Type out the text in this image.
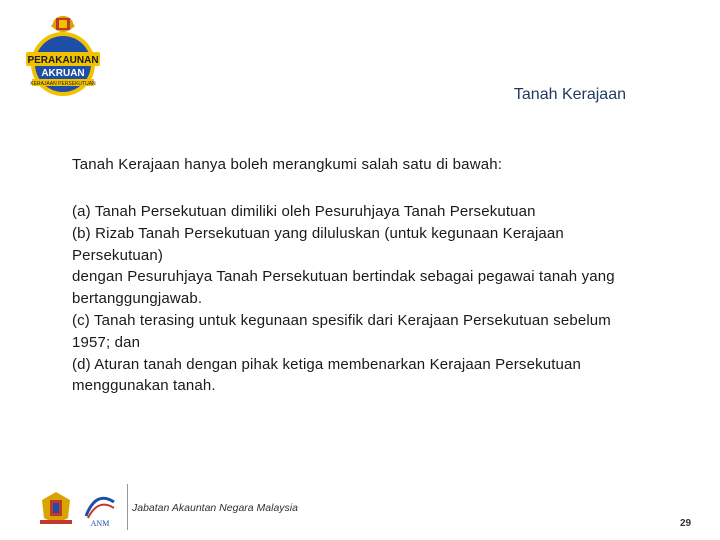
PERAKAUNAN
AKRUAN
KERAJAAN PERSEKUTUAN
Tanah Kerajaan
Tanah Kerajaan hanya boleh merangkumi salah satu di bawah:
(a) Tanah Persekutuan dimiliki oleh Pesuruhjaya Tanah Persekutuan
(b) Rizab Tanah Persekutuan yang diluluskan (untuk kegunaan Kerajaan
Persekutuan)
dengan Pesuruhjaya Tanah Persekutuan bertindak sebagai pegawai tanah yang
bertanggungjawab.
(c) Tanah terasing untuk kegunaan spesifik dari Kerajaan Persekutuan sebelum
1957; dan
(d) Aturan tanah dengan pihak ketiga membenarkan Kerajaan Persekutuan
menggunakan tanah.
ANM
Jabatan Akauntan Negara Malaysia
29
